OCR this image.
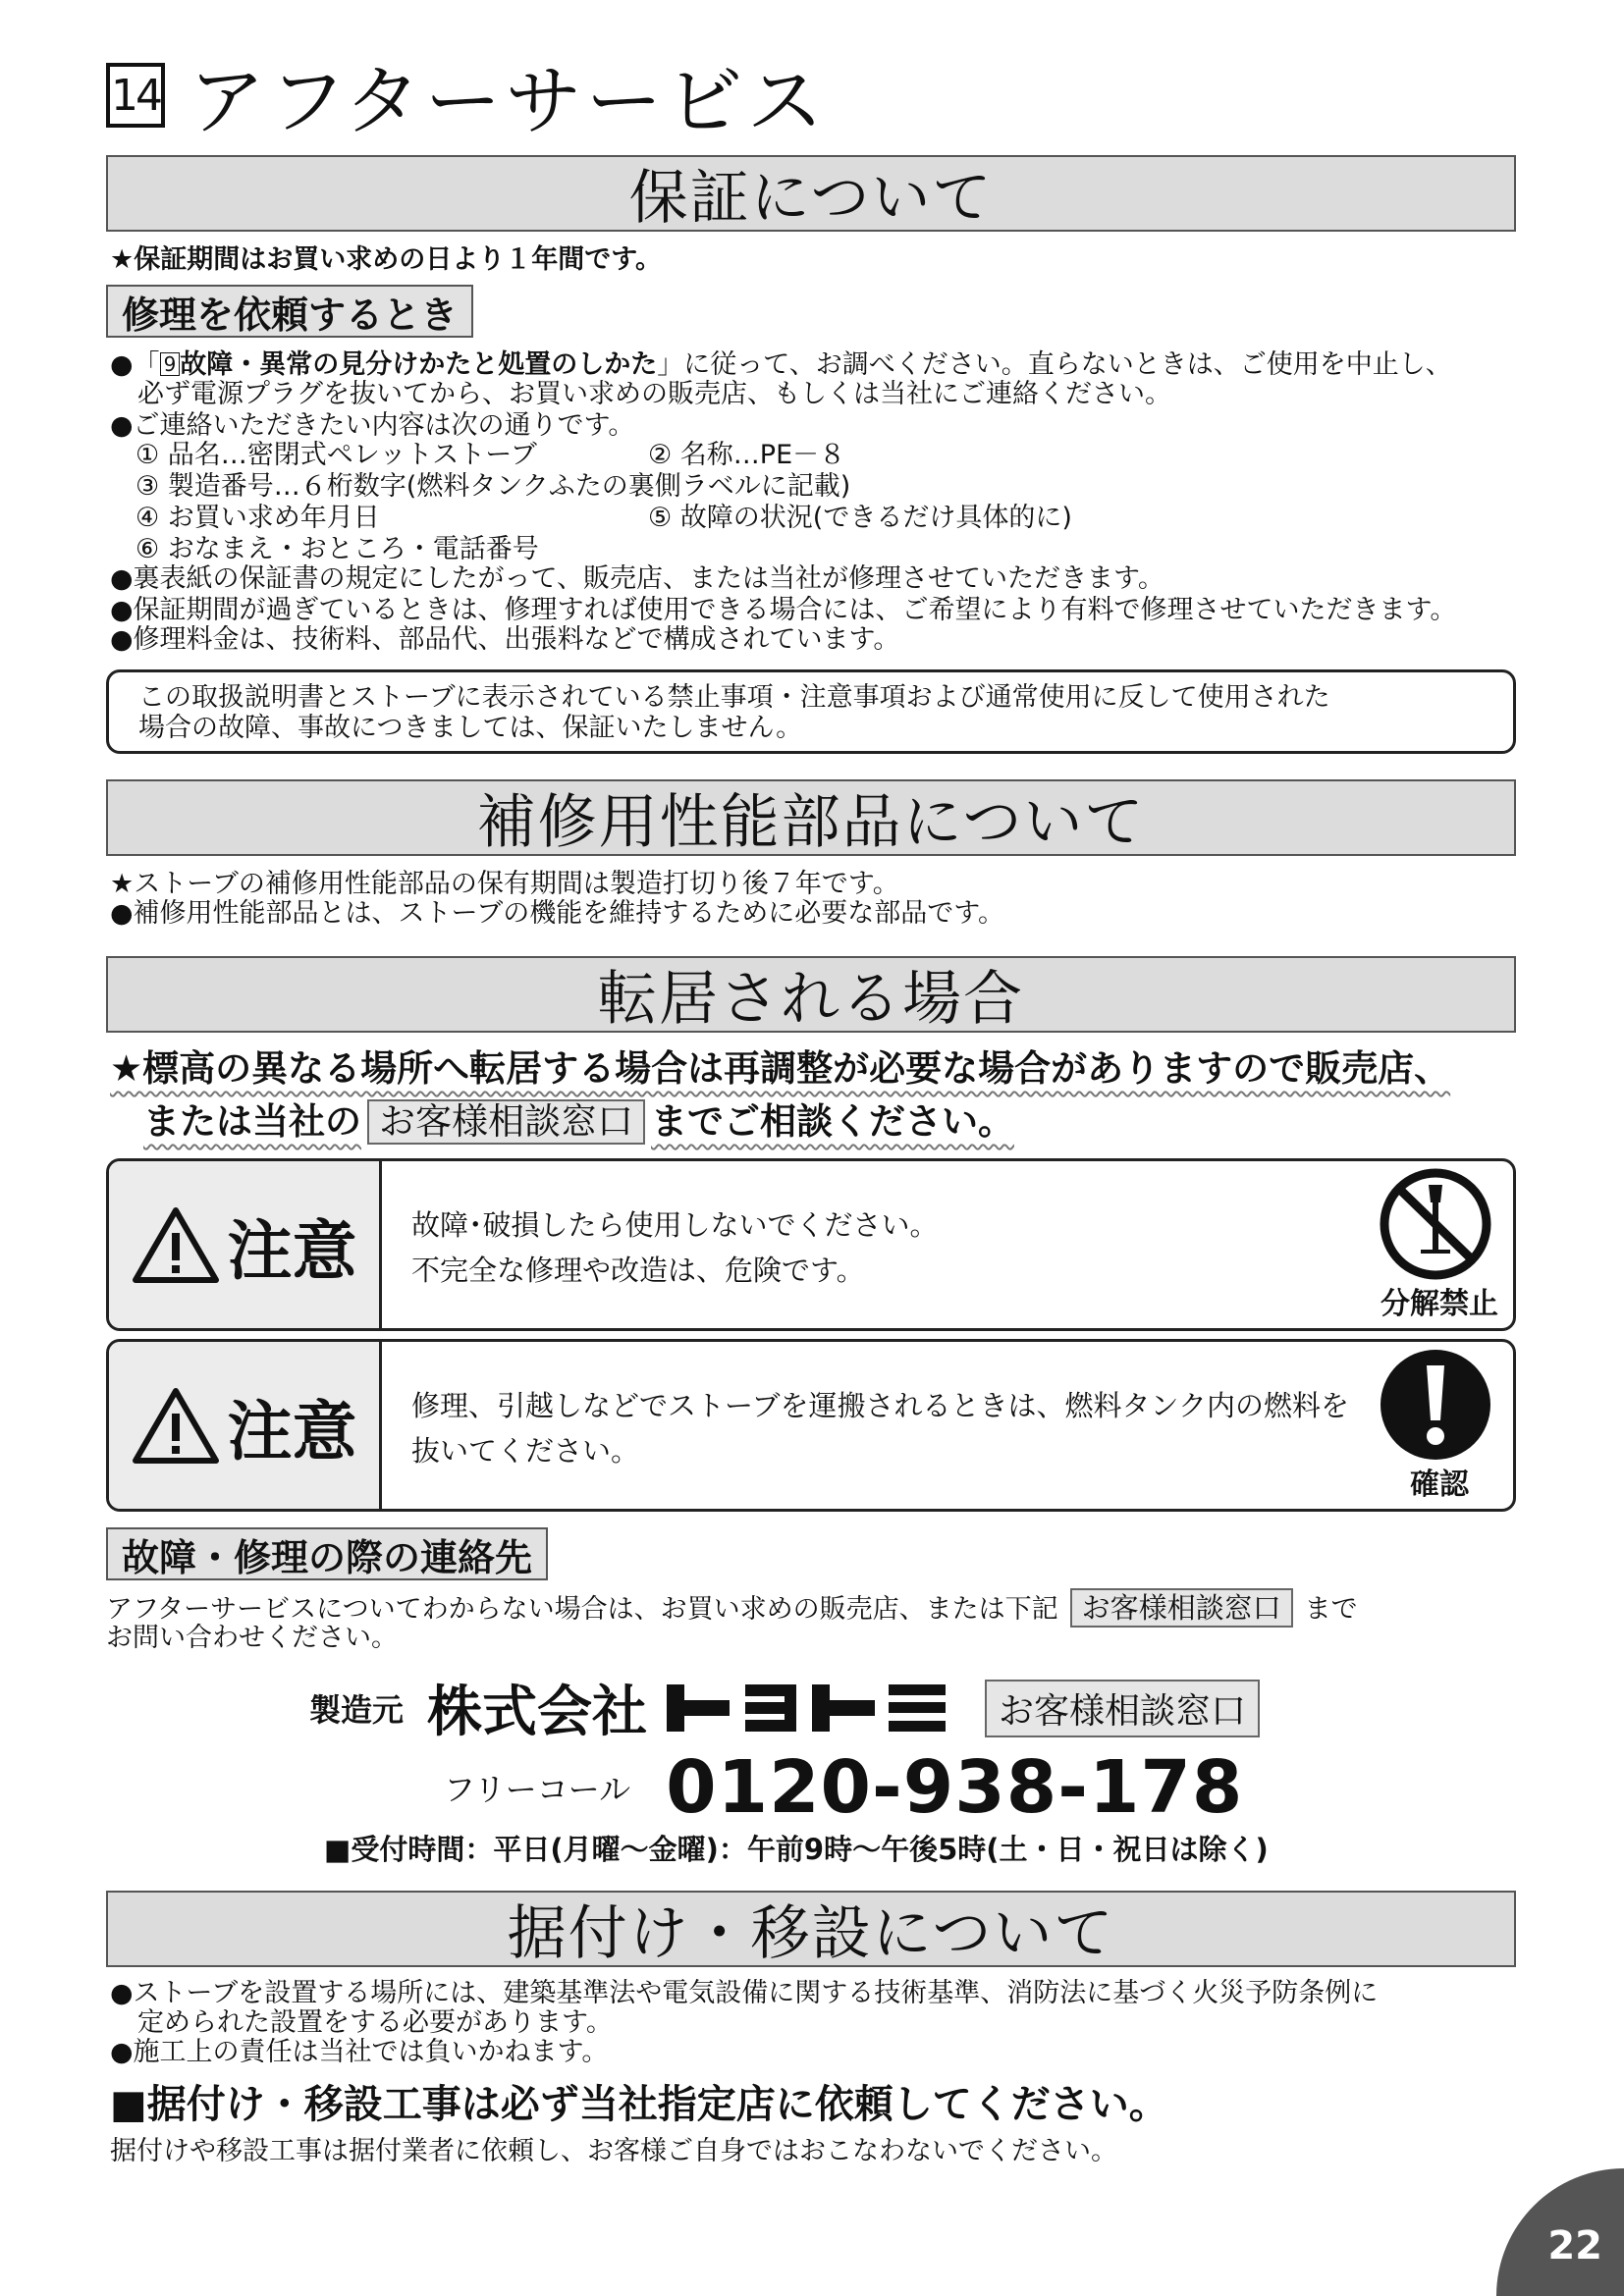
14 アフターサービス
保証について
★保証期間はお買い求めの日より１年間です。
修理を依頼するとき
●「 9 故障・異常の見分けかたと処置のしかた」に従って、お調べください。直らないときは、ご使用を中止し、
必ず電源プラグを抜いてから、お買い求めの販売店、もしくは当社にご連絡ください。
●ご連絡いただきたい内容は次の通りです。
① 品名…密閉式ペレットストーブ	② 名称…PE－８
③ 製造番号…６桁数字(燃料タンクふたの裏側ラベルに記載)
④ お買い求め年月日	⑤ 故障の状況(できるだけ具体的に)
⑥ おなまえ・おところ・電話番号
●裏表紙の保証書の規定にしたがって、販売店、または当社が修理させていただきます。
●保証期間が過ぎているときは、修理すれば使用できる場合には、ご希望により有料で修理させていただきます。
●修理料金は、技術料、部品代、出張料などで構成されています。
この取扱説明書とストーブに表示されている禁止事項・注意事項および通常使用に反して使用された
場合の故障、事故につきましては、保証いたしません。
補修用性能部品について
★ストーブの補修用性能部品の保有期間は製造打切り後７年です。
●補修用性能部品とは、ストーブの機能を維持するために必要な部品です。
転居される場合
★標高の異なる場所へ転居する場合は再調整が必要な場合がありますので販売店、
または当社の お客様相談窓口 までご相談ください。
注意 故障･破損したら使用しないでください。
不完全な修理や改造は、危険です。
分解禁止
注意 修理、引越しなどでストーブを運搬されるときは、燃料タンク内の燃料を
抜いてください。
確認
故障・修理の際の連絡先
アフターサービスについてわからない場合は、お買い求めの販売店、または下記 お客様相談窓口 まで
お問い合わせください。
製造元 株式会社	お客様相談窓口
フリーコール 0120-938-178
■受付時間：平日(月曜～金曜)：午前9時～午後5時(土・日・祝日は除く)
据付け・移設について
●ストーブを設置する場所には、建築基準法や電気設備に関する技術基準、消防法に基づく火災予防条例に
定められた設置をする必要があります。
●施工上の責任は当社では負いかねます。
■据付け・移設工事は必ず当社指定店に依頼してください。
据付けや移設工事は据付業者に依頼し、お客様ご自身ではおこなわないでください。
22
